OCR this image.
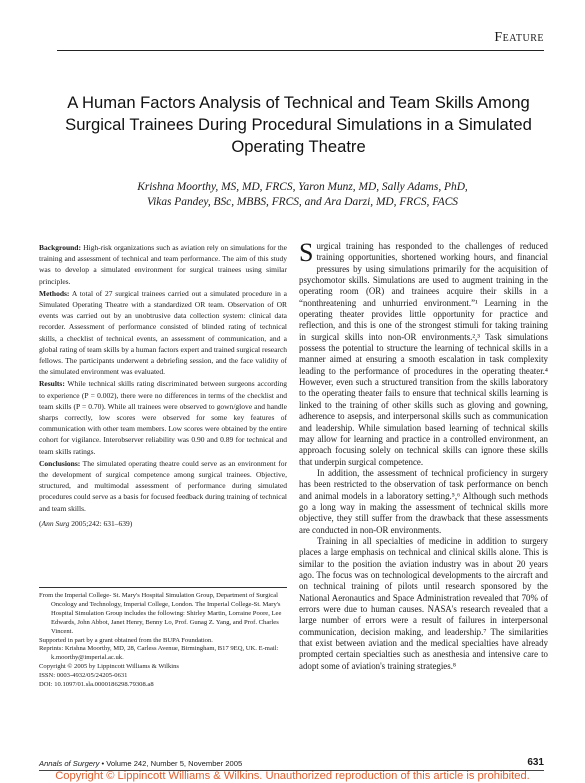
Feature
A Human Factors Analysis of Technical and Team Skills Among Surgical Trainees During Procedural Simulations in a Simulated Operating Theatre
Krishna Moorthy, MS, MD, FRCS, Yaron Munz, MD, Sally Adams, PhD,
Vikas Pandey, BSc, MBBS, FRCS, and Ara Darzi, MD, FRCS, FACS

Background: High-risk organizations such as aviation rely on simulations for the training and assessment of technical and team performance. The aim of this study was to develop a simulated environment for surgical trainees using similar principles.

Methods: A total of 27 surgical trainees carried out a simulated procedure in a Simulated Operating Theatre with a standardized OR team. Observation of OR events was carried out by an unobtrusive data collection system: clinical data recorder. Assessment of performance consisted of blinded rating of technical skills, a checklist of technical events, an assessment of communication, and a global rating of team skills by a human factors expert and trained surgical research fellows. The participants underwent a debriefing session, and the face validity of the simulated environment was evaluated.

Results: While technical skills rating discriminated between surgeons according to experience (P = 0.002), there were no differences in terms of the checklist and team skills (P = 0.70). While all trainees were observed to gown/glove and handle sharps correctly, low scores were observed for some key features of communication with other team members. Low scores were obtained by the entire cohort for vigilance. Interobserver reliability was 0.90 and 0.89 for technical and team skills ratings.

Conclusions: The simulated operating theatre could serve as an environment for the development of surgical competence among surgical trainees. Objective, structured, and multimodal assessment of performance during simulated procedures could serve as a basis for focused feedback during training of technical and team skills.

(Ann Surg 2005;242: 631–639)

From the Imperial College- St. Mary's Hospital Simulation Group, Department of Surgical Oncology and Technology, Imperial College, London. The Imperial College-St. Mary's Hospital Simulation Group includes the following: Shirley Martin, Lorraine Poore, Lee Edwards, John Abbot, Janet Henry, Benny Lo, Prof. Gunag Z. Yang, and Prof. Charles Vincent.

Supported in part by a grant obtained from the BUPA Foundation.

Reprints: Krishna Moorthy, MD, 28, Carless Avenue, Birmingham, B17 9EQ, UK. E-mail: k.moorthy@imperial.ac.uk.

Copyright © 2005 by Lippincott Williams & Wilkins

ISSN: 0003-4932/05/24205-0631

DOI: 10.1097/01.sla.0000186298.79308.a8

Surgical training has responded to the challenges of reduced training opportunities, shortened working hours, and financial pressures by using simulations primarily for the acquisition of psychomotor skills. Simulations are used to augment training in the operating room (OR) and trainees acquire their skills in a “nonthreatening and unhurried environment.”¹ Learning in the operating theater provides little opportunity for practice and reflection, and this is one of the strongest stimuli for taking training in surgical skills into non-OR environments.²,³ Task simulations possess the potential to structure the learning of technical skills in a manner aimed at ensuring a smooth escalation in task complexity leading to the performance of procedures in the operating theater.⁴ However, even such a structured transition from the skills laboratory to the operating theater fails to ensure that technical skills learning is linked to the training of other skills such as gloving and gowning, adherence to asepsis, and interpersonal skills such as communication and leadership. While simulation based learning of technical skills may allow for learning and practice in a controlled environment, an approach focusing solely on technical skills can ignore these skills that underpin surgical competence.

In addition, the assessment of technical proficiency in surgery has been restricted to the observation of task performance on bench and animal models in a laboratory setting.⁵,⁶ Although such methods go a long way in making the assessment of technical skills more objective, they still suffer from the drawback that these assessments are conducted in non-OR environments.

Training in all specialties of medicine in addition to surgery places a large emphasis on technical and clinical skills alone. This is similar to the position the aviation industry was in about 20 years ago. The focus was on technological developments to the aircraft and on technical training of pilots until research sponsored by the National Aeronautics and Space Administration revealed that 70% of errors were due to human causes. NASA's research revealed that a large number of errors were a result of failures in interpersonal communication, decision making, and leadership.⁷ The similarities that exist between aviation and the medical specialties have already prompted certain specialties such as anesthesia and intensive care to adopt some of aviation's training strategies.⁸

Annals of Surgery • Volume 242, Number 5, November 2005	631
Copyright © Lippincott Williams & Wilkins. Unauthorized reproduction of this article is prohibited.
